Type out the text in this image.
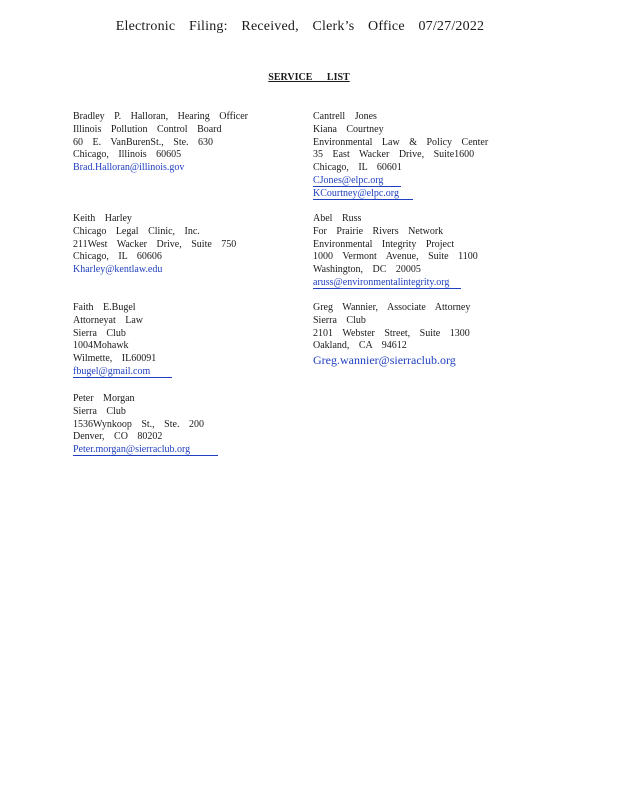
Electronic Filing: Received, Clerk’s Office 07/27/2022
SERVICE LIST
Bradley P. Halloran, Hearing Officer
Illinois Pollution Control Board
60 E. VanBurenSt., Ste. 630
Chicago, Illinois 60605
Brad.Halloran@illinois.gov
Keith Harley
Chicago Legal Clinic, Inc.
211West Wacker Drive, Suite 750
Chicago, IL 60606
Kharley@kentlaw.edu
Faith E.Bugel
Attorneyat Law
Sierra Club
1004Mohawk
Wilmette, IL60091
fbugel@gmail.com
Peter Morgan
Sierra Club
1536Wynkoop St., Ste. 200
Denver, CO 80202
Peter.morgan@sierraclub.org
Cantrell Jones
Kiana Courtney
Environmental Law & Policy Center
35 East Wacker Drive, Suite1600
Chicago, IL 60601
CJones@elpc.org
KCourtney@elpc.org
Abel Russ
For Prairie Rivers Network
Environmental Integrity Project
1000 Vermont Avenue, Suite 1100
Washington, DC 20005
aruss@environmentalintegrity.org
Greg Wannier, Associate Attorney
Sierra Club
2101 Webster Street, Suite 1300
Oakland, CA 94612
Greg.wannier@sierraclub.org
